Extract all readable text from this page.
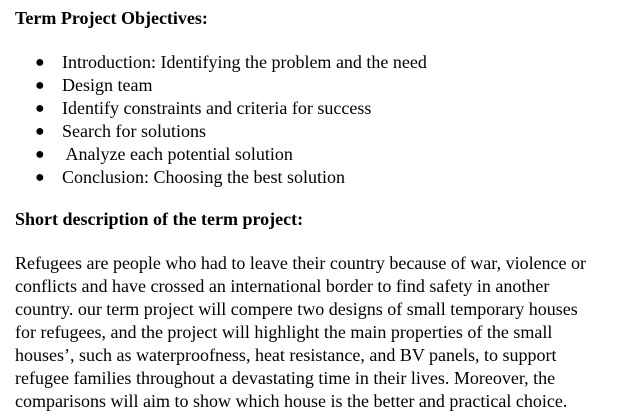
Term Project Objectives:
● Introduction: Identifying the problem and the need
● Design team
● Identify constraints and criteria for success
● Search for solutions
● Analyze each potential solution
● Conclusion: Choosing the best solution
Short description of the term project:
Refugees are people who had to leave their country because of war, violence or
conflicts and have crossed an international border to find safety in another
country. our term project will compere two designs of small temporary houses
for refugees, and the project will highlight the main properties of the small
houses’, such as waterproofness, heat resistance, and BV panels, to support
refugee families throughout a devastating time in their lives. Moreover, the
comparisons will aim to show which house is the better and practical choice.
